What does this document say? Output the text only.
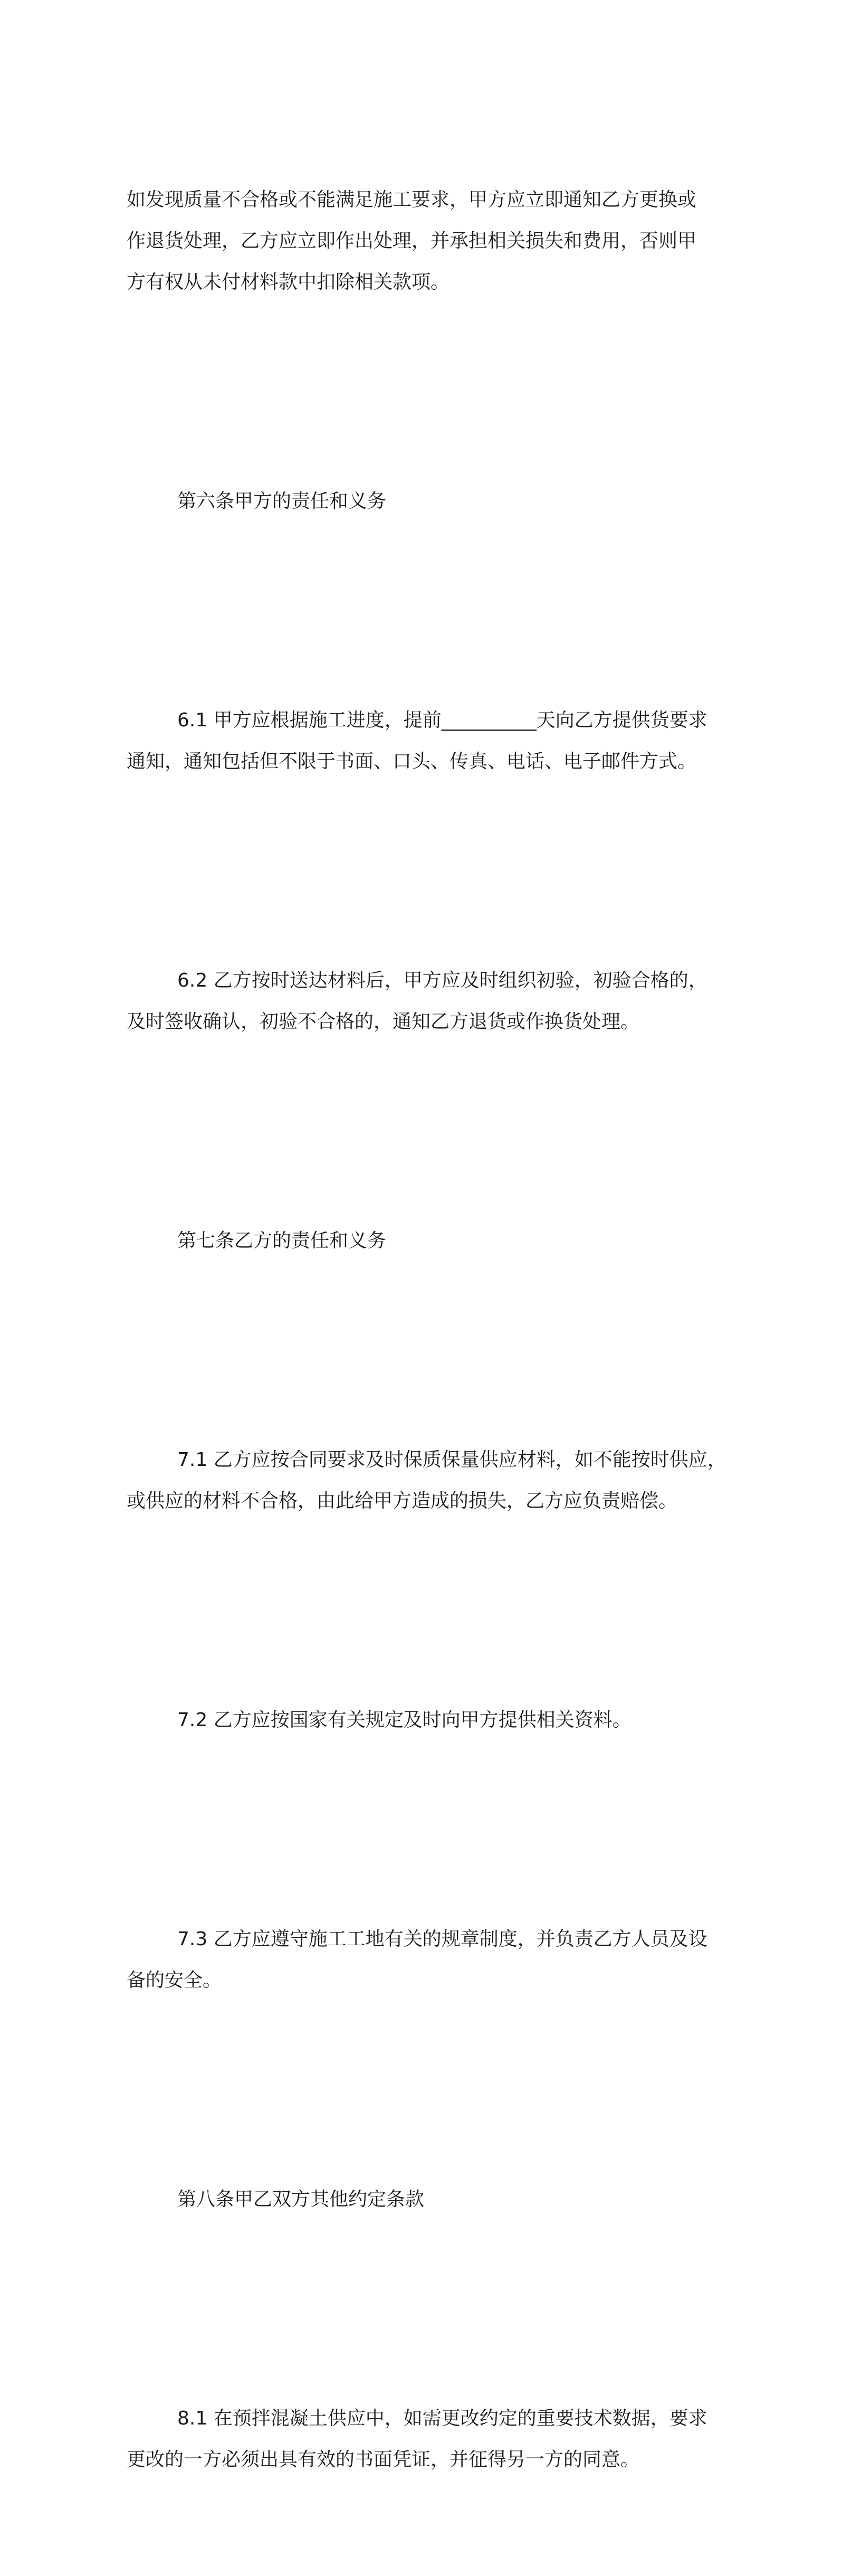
如发现质量不合格或不能满足施工要求，甲方应立即通知乙方更换或
作退货处理，乙方应立即作出处理，并承担相关损失和费用，否则甲
方有权从未付材料款中扣除相关款项。

第六条甲方的责任和义务

6.1 甲方应根据施工进度，提前__________天向乙方提供货要求
通知，通知包括但不限于书面、口头、传真、电话、电子邮件方式。

6.2 乙方按时送达材料后，甲方应及时组织初验，初验合格的，
及时签收确认，初验不合格的，通知乙方退货或作换货处理。

第七条乙方的责任和义务

7.1 乙方应按合同要求及时保质保量供应材料，如不能按时供应，
或供应的材料不合格，由此给甲方造成的损失，乙方应负责赔偿。

7.2 乙方应按国家有关规定及时向甲方提供相关资料。

7.3 乙方应遵守施工工地有关的规章制度，并负责乙方人员及设
备的安全。

第八条甲乙双方其他约定条款

8.1 在预拌混凝土供应中，如需更改约定的重要技术数据，要求
更改的一方必须出具有效的书面凭证，并征得另一方的同意。
